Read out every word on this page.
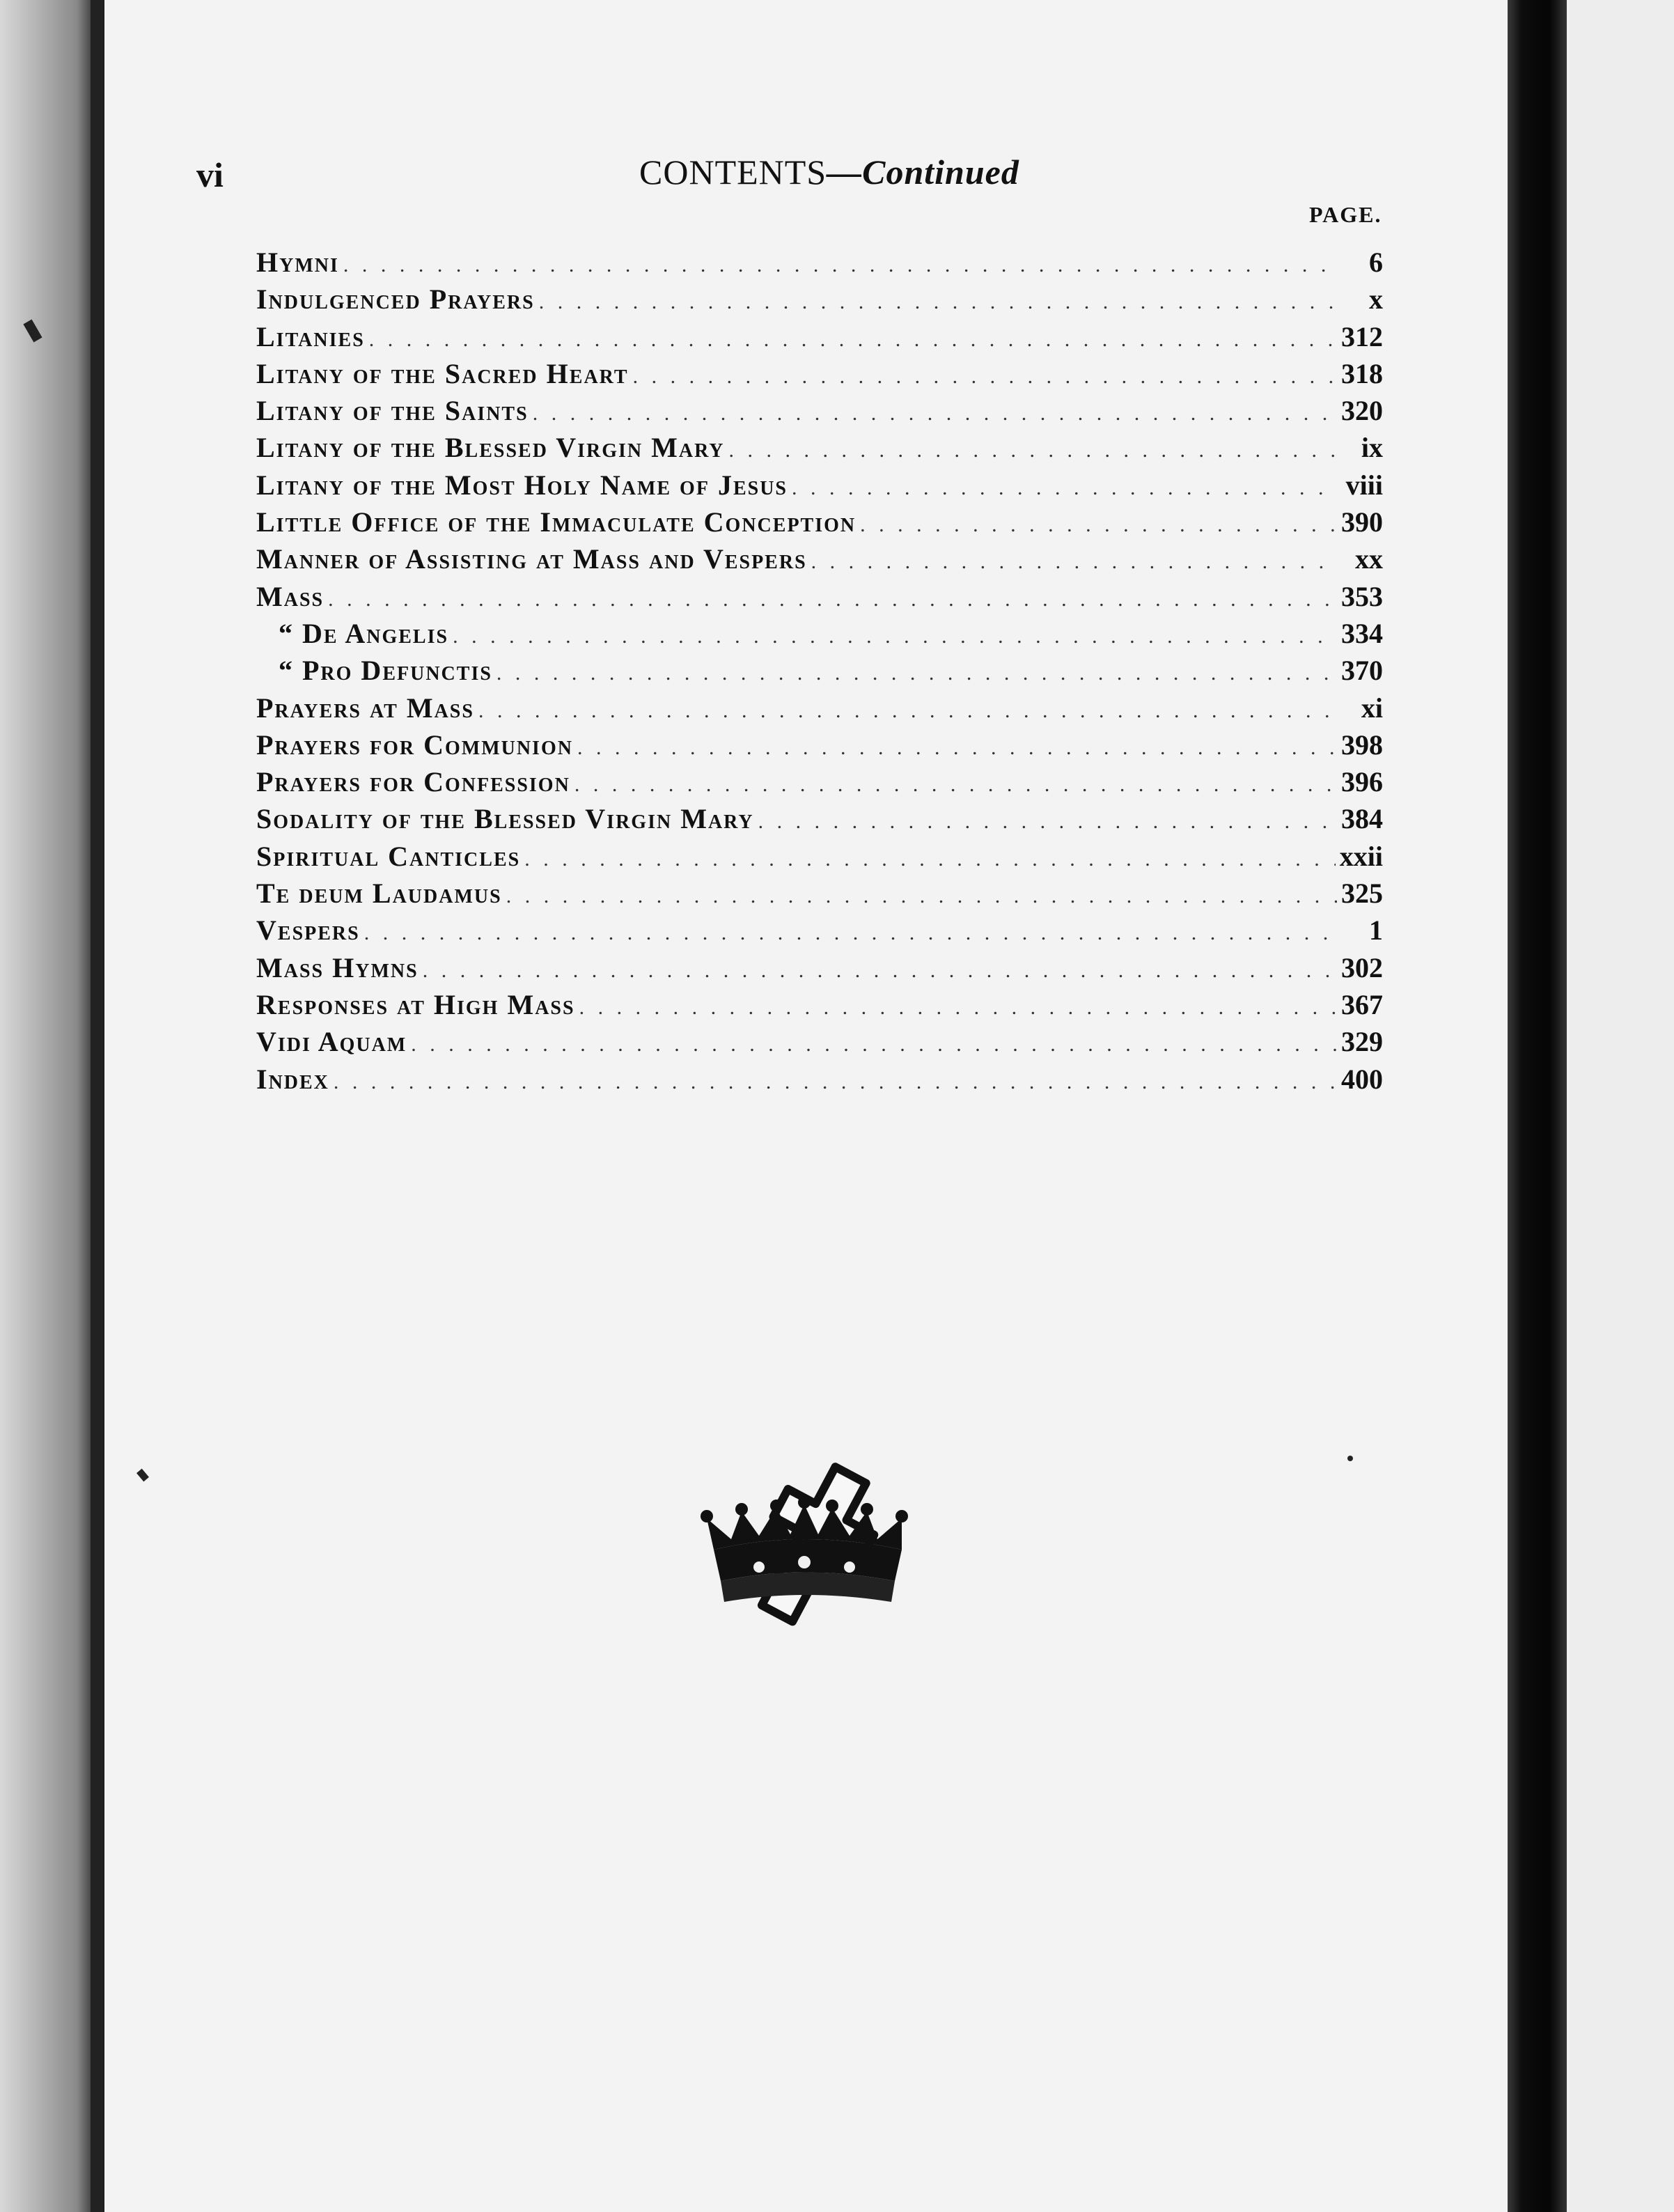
vi	CONTENTS—Continued
PAGE.
Hymni . . .	6
Indulgenced Prayers . . .	x
Litanies . . .	312
Litany of the Sacred Heart . . .	318
Litany of the Saints . . .	320
Litany of the Blessed Virgin Mary . . .	ix
Litany of the Most Holy Name of Jesus . . .	viii
Little Office of the Immaculate Conception . . .	390
Manner of Assisting at Mass and Vespers . . .	xx
Mass . . .	353
“ De Angelis . . .	334
“ Pro Defunctis . . .	370
Prayers at Mass . . .	xi
Prayers for Communion . . .	398
Prayers for Confession . . .	396
Sodality of the Blessed Virgin Mary . . .	384
Spiritual Canticles . . .	xxii
Te deum Laudamus . . .	325
Vespers . . .	1
Mass Hymns . . .	302
Responses at High Mass . . .	367
Vidi Aquam . . .	329
Index . . .	400
